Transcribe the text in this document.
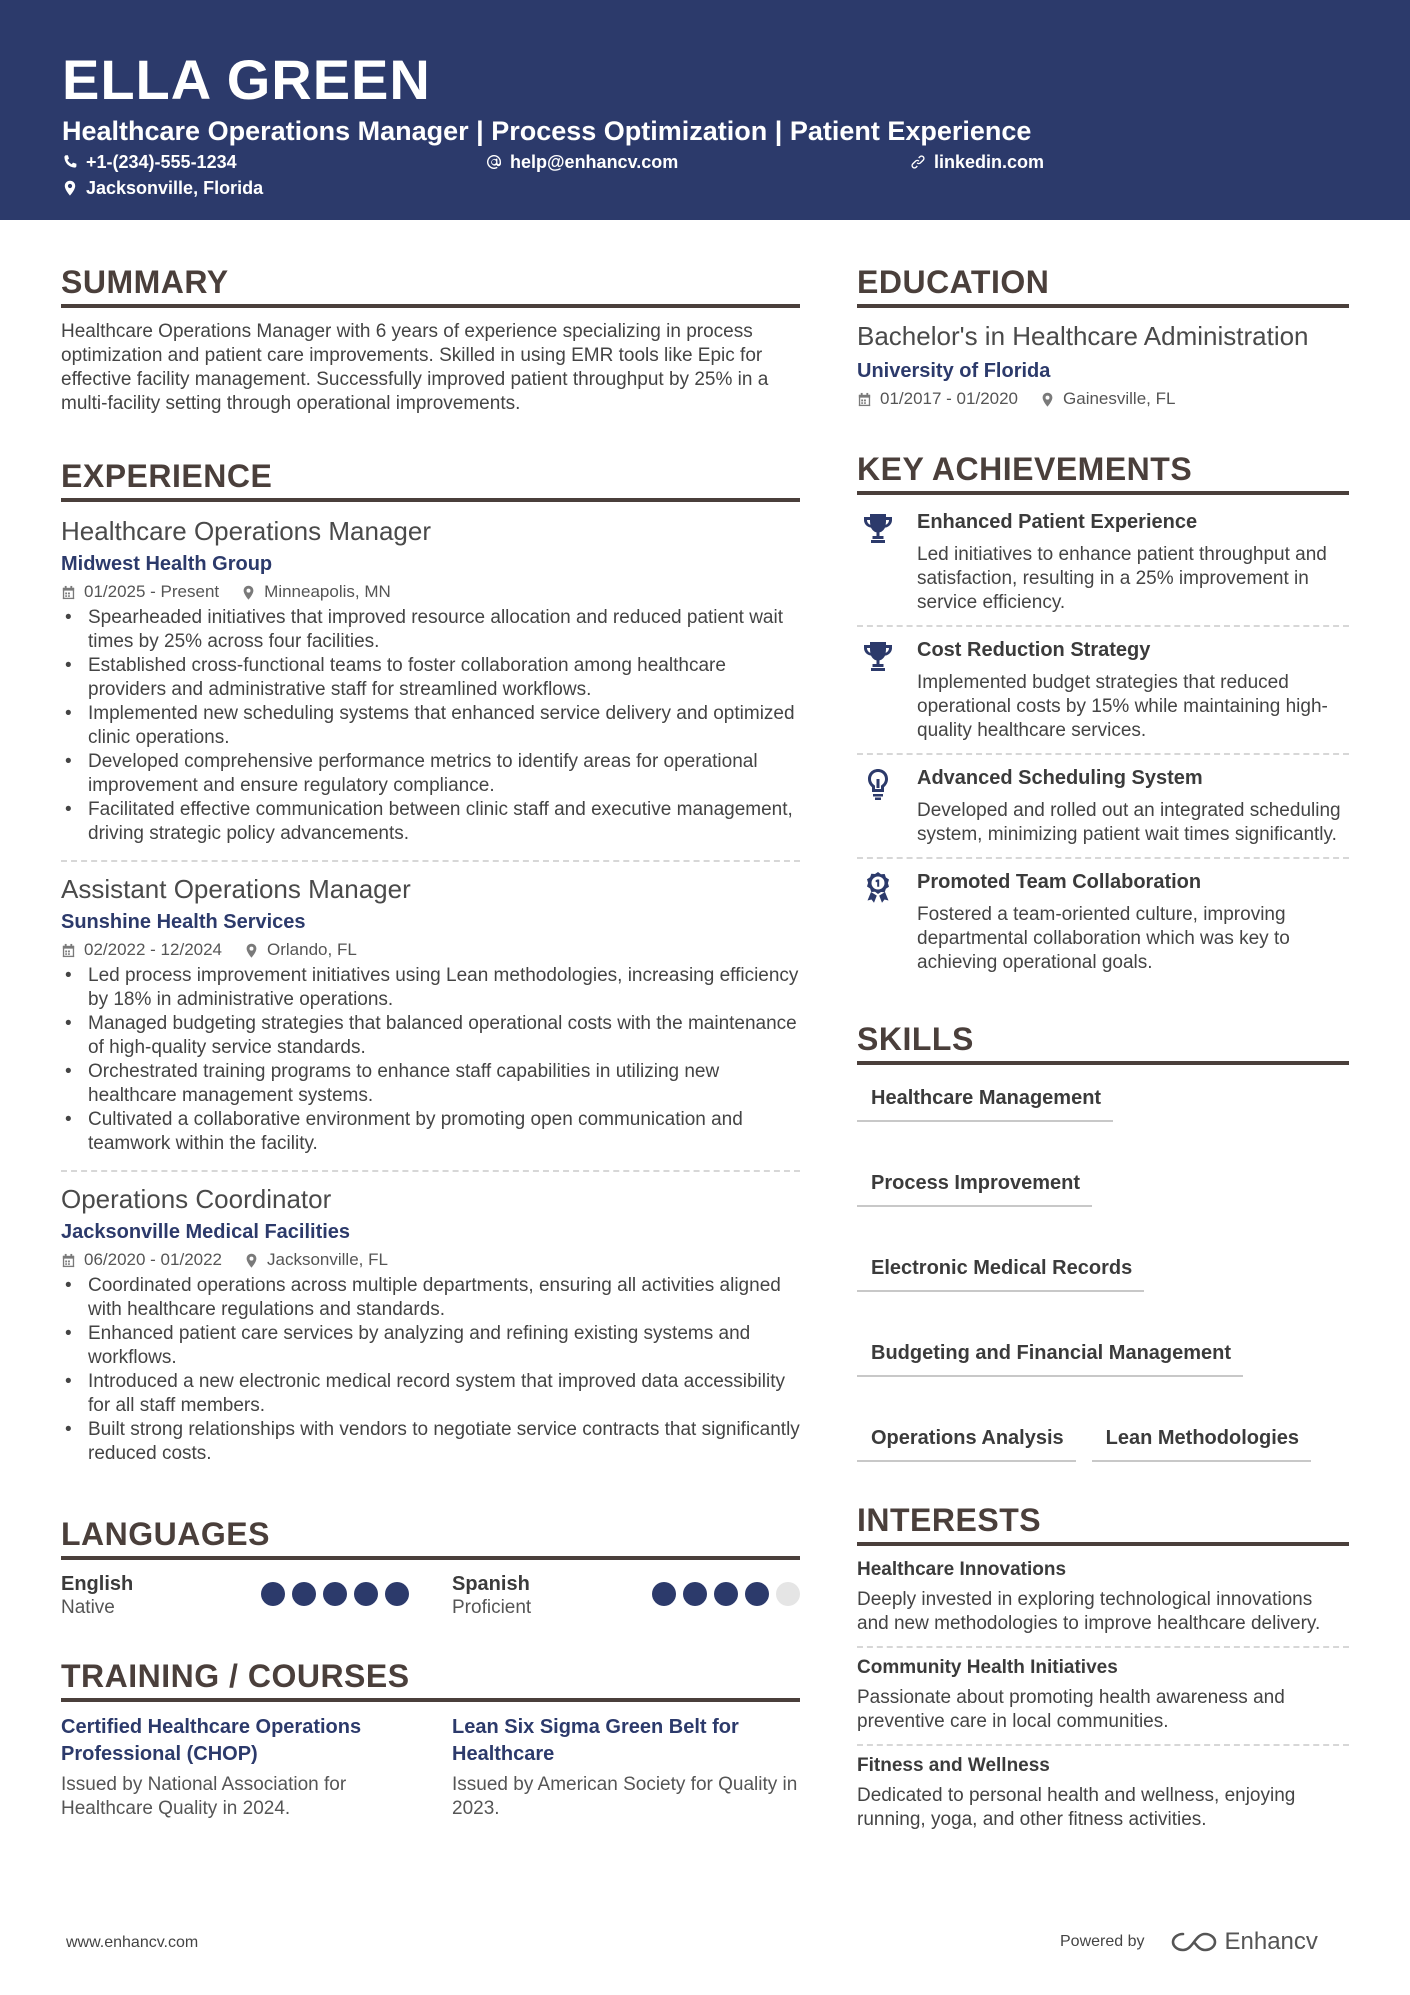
ELLA GREEN
Healthcare Operations Manager | Process Optimization | Patient Experience
+1-(234)-555-1234	help@enhancv.com	linkedin.com
Jacksonville, Florida
SUMMARY
Healthcare Operations Manager with 6 years of experience specializing in process optimization and patient care improvements. Skilled in using EMR tools like Epic for effective facility management. Successfully improved patient throughput by 25% in a multi-facility setting through operational improvements.
EXPERIENCE
Healthcare Operations Manager
Midwest Health Group
01/2025 - Present	Minneapolis, MN
• Spearheaded initiatives that improved resource allocation and reduced patient wait times by 25% across four facilities.
• Established cross-functional teams to foster collaboration among healthcare providers and administrative staff for streamlined workflows.
• Implemented new scheduling systems that enhanced service delivery and optimized clinic operations.
• Developed comprehensive performance metrics to identify areas for operational improvement and ensure regulatory compliance.
• Facilitated effective communication between clinic staff and executive management, driving strategic policy advancements.
Assistant Operations Manager
Sunshine Health Services
02/2022 - 12/2024	Orlando, FL
• Led process improvement initiatives using Lean methodologies, increasing efficiency by 18% in administrative operations.
• Managed budgeting strategies that balanced operational costs with the maintenance of high-quality service standards.
• Orchestrated training programs to enhance staff capabilities in utilizing new healthcare management systems.
• Cultivated a collaborative environment by promoting open communication and teamwork within the facility.
Operations Coordinator
Jacksonville Medical Facilities
06/2020 - 01/2022	Jacksonville, FL
• Coordinated operations across multiple departments, ensuring all activities aligned with healthcare regulations and standards.
• Enhanced patient care services by analyzing and refining existing systems and workflows.
• Introduced a new electronic medical record system that improved data accessibility for all staff members.
• Built strong relationships with vendors to negotiate service contracts that significantly reduced costs.
LANGUAGES
English
Native
Spanish
Proficient
TRAINING / COURSES
Certified Healthcare Operations Professional (CHOP)
Issued by National Association for Healthcare Quality in 2024.
Lean Six Sigma Green Belt for Healthcare
Issued by American Society for Quality in 2023.
EDUCATION
Bachelor's in Healthcare Administration
University of Florida
01/2017 - 01/2020	Gainesville, FL
KEY ACHIEVEMENTS
Enhanced Patient Experience
Led initiatives to enhance patient throughput and satisfaction, resulting in a 25% improvement in service efficiency.
Cost Reduction Strategy
Implemented budget strategies that reduced operational costs by 15% while maintaining high-quality healthcare services.
Advanced Scheduling System
Developed and rolled out an integrated scheduling system, minimizing patient wait times significantly.
Promoted Team Collaboration
Fostered a team-oriented culture, improving departmental collaboration which was key to achieving operational goals.
SKILLS
Healthcare Management
Process Improvement
Electronic Medical Records
Budgeting and Financial Management
Operations Analysis	Lean Methodologies
INTERESTS
Healthcare Innovations
Deeply invested in exploring technological innovations and new methodologies to improve healthcare delivery.
Community Health Initiatives
Passionate about promoting health awareness and preventive care in local communities.
Fitness and Wellness
Dedicated to personal health and wellness, enjoying running, yoga, and other fitness activities.
www.enhancv.com	Powered by	Enhancv
